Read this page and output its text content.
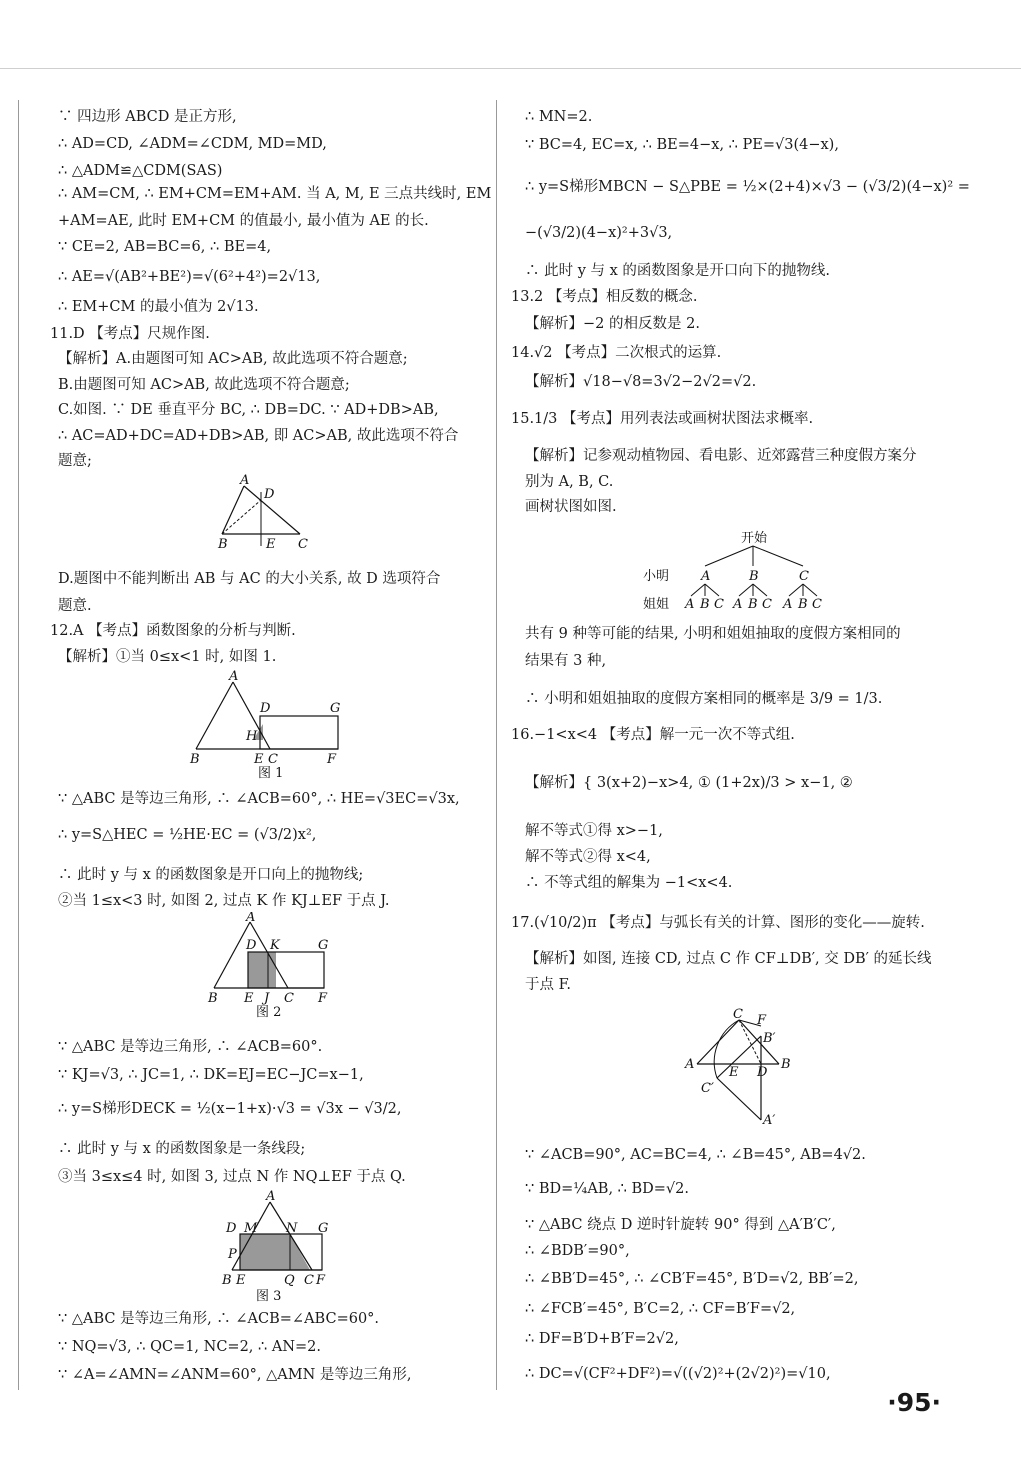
∵ 四边形 ABCD 是正方形,
∴ AD=CD, ∠ADM=∠CDM, MD=MD,
∴ △ADM≌△CDM(SAS)
∴ AM=CM, ∴ EM+CM=EM+AM. 当 A, M, E 三点共线时, EM
+AM=AE, 此时 EM+CM 的值最小, 最小值为 AE 的长.
∵ CE=2, AB=BC=6, ∴ BE=4,
∴ AE=√(AB²+BE²)=√(6²+4²)=2√13,
∴ EM+CM 的最小值为 2√13.
11.D 【考点】尺规作图.
【解析】A.由题图可知 AC>AB, 故此选项不符合题意;
B.由题图可知 AC>AB, 故此选项不符合题意;
C.如图. ∵ DE 垂直平分 BC, ∴ DB=DC. ∵ AD+DB>AB,
∴ AC=AD+DC=AD+DB>AB, 即 AC>AB, 故此选项不符合
题意;
A
D
B	E C
D.题图中不能判断出 AB 与 AC 的大小关系, 故 D 选项符合
题意.
12.A 【考点】函数图象的分析与判断.
【解析】①当 0≤x<1 时, 如图 1.
A
D	G
H
B	E C	F
图 1
∵ △ABC 是等边三角形, ∴ ∠ACB=60°, ∴ HE=√3EC=√3x,
∴ y=S△HEC = ½HE·EC = (√3/2)x²,
∴ 此时 y 与 x 的函数图象是开口向上的抛物线;
②当 1≤x<3 时, 如图 2, 过点 K 作 KJ⊥EF 于点 J.
A
D K	G
B E J C F
图 2
∵ △ABC 是等边三角形, ∴ ∠ACB=60°.
∵ KJ=√3, ∴ JC=1, ∴ DK=EJ=EC−JC=x−1,
∴ y=S梯形DECK = ½(x−1+x)·√3 = √3x − √3/2,
∴ 此时 y 与 x 的函数图象是一条线段;
③当 3≤x≤4 时, 如图 3, 过点 N 作 NQ⊥EF 于点 Q.
A
D M N G
P
B E	Q C F
图 3
∵ △ABC 是等边三角形, ∴ ∠ACB=∠ABC=60°.
∵ NQ=√3, ∴ QC=1, NC=2, ∴ AN=2.
∵ ∠A=∠AMN=∠ANM=60°, △AMN 是等边三角形,
∴ MN=2.
∵ BC=4, EC=x, ∴ BE=4−x, ∴ PE=√3(4−x),
∴ y=S梯形MBCN − S△PBE = ½×(2+4)×√3 − (√3/2)(4−x)² =
−(√3/2)(4−x)²+3√3,
∴ 此时 y 与 x 的函数图象是开口向下的抛物线.
13.2 【考点】相反数的概念.
【解析】−2 的相反数是 2.
14.√2 【考点】二次根式的运算.
【解析】√18−√8=3√2−2√2=√2.
15.1/3 【考点】用列表法或画树状图法求概率.
【解析】记参观动植物园、看电影、近郊露营三种度假方案分
别为 A, B, C.
画树状图如图.
开始
小明 A	B	C
姐姐 A B C A B C A B C
共有 9 种等可能的结果, 小明和姐姐抽取的度假方案相同的
结果有 3 种,
∴ 小明和姐姐抽取的度假方案相同的概率是 3/9 = 1/3.
16.−1<x<4 【考点】解一元一次不等式组.
【解析】{ 3(x+2)−x>4, ① (1+2x)/3 > x−1, ②
解不等式①得 x>−1,
解不等式②得 x<4,
∴ 不等式组的解集为 −1<x<4.
17.(√10/2)π 【考点】与弧长有关的计算、图形的变化——旋转.
【解析】如图, 连接 CD, 过点 C 作 CF⊥DB′, 交 DB′ 的延长线
于点 F.
C F
B′
A
E D
B
C′
A′
∵ ∠ACB=90°, AC=BC=4, ∴ ∠B=45°, AB=4√2.
∵ BD=¼AB, ∴ BD=√2.
∵ △ABC 绕点 D 逆时针旋转 90° 得到 △A′B′C′,
∴ ∠BDB′=90°,
∴ ∠BB′D=45°, ∴ ∠CB′F=45°, B′D=√2, BB′=2,
∴ ∠FCB′=45°, B′C=2, ∴ CF=B′F=√2,
∴ DF=B′D+B′F=2√2,
∴ DC=√(CF²+DF²)=√((√2)²+(2√2)²)=√10,
·95·
